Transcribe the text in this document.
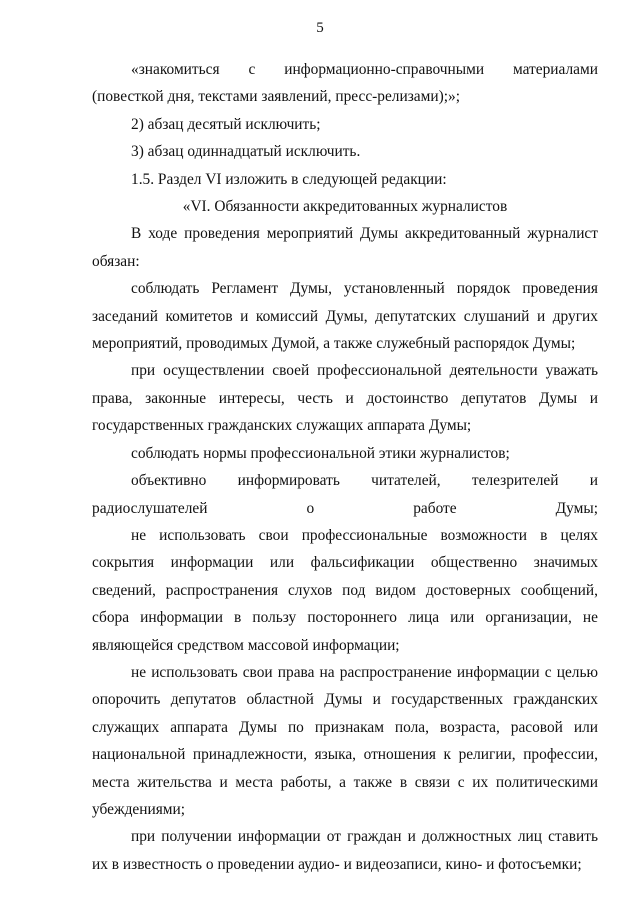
5

«знакомиться с информационно-справочными материалами (повесткой дня, текстами заявлений, пресс-релизами);»;

2) абзац десятый исключить;

3) абзац одиннадцатый исключить.

1.5. Раздел VI изложить в следующей редакции:

«VI. Обязанности аккредитованных журналистов

В ходе проведения мероприятий Думы аккредитованный журналист обязан:

соблюдать Регламент Думы, установленный порядок проведения заседаний комитетов и комиссий Думы, депутатских слушаний и других мероприятий, проводимых Думой, а также служебный распорядок Думы;

при осуществлении своей профессиональной деятельности уважать права, законные интересы, честь и достоинство депутатов Думы и государственных гражданских служащих аппарата Думы;

соблюдать нормы профессиональной этики журналистов;

объективно информировать читателей, телезрителей и радиослушателей о работе Думы;

не использовать свои профессиональные возможности в целях сокрытия информации или фальсификации общественно значимых сведений, распространения слухов под видом достоверных сообщений, сбора информации в пользу постороннего лица или организации, не являющейся средством массовой информации;

не использовать свои права на распространение информации с целью опорочить депутатов областной Думы и государственных гражданских служащих аппарата Думы по признакам пола, возраста, расовой или национальной принадлежности, языка, отношения к религии, профессии, места жительства и места работы, а также в связи с их политическими убеждениями;

при получении информации от граждан и должностных лиц ставить их в известность о проведении аудио- и видеозаписи, кино- и фотосъемки;
